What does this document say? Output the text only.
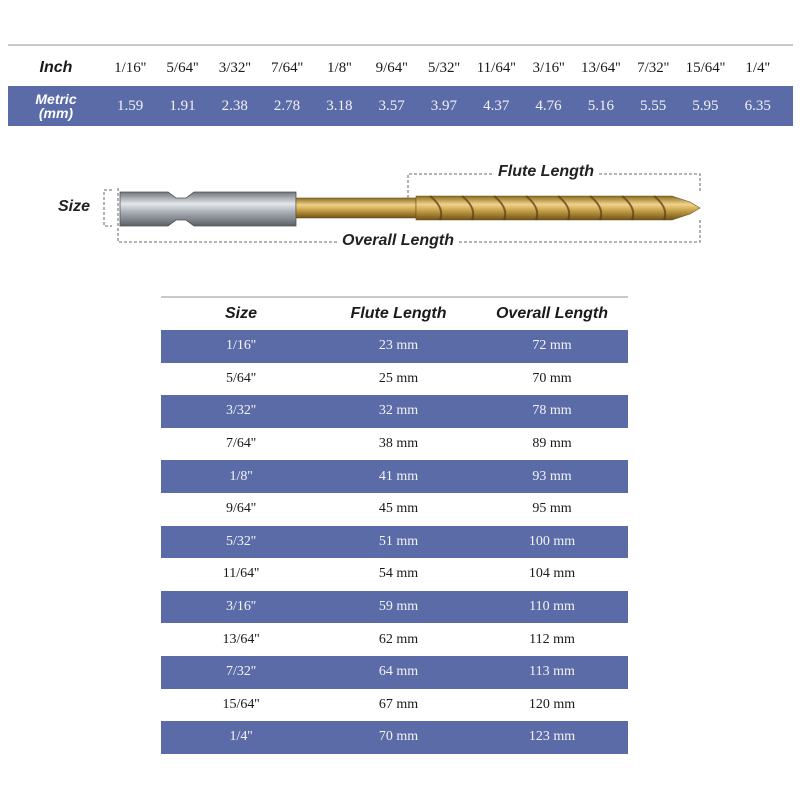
Inch	1/16''	5/64''	3/32''	7/64''	1/8''	9/64''	5/32''	11/64''	3/16''	13/64''	7/32''	15/64''	1/4''
Metric
(mm)	1.59	1.91	2.38	2.78	3.18	3.57	3.97	4.37	4.76	5.16	5.55	5.95	6.35
Size
Flute Length
Overall Length
Size	Flute Length	Overall Length
1/16''	23 mm	72 mm
5/64''	25 mm	70 mm
3/32''	32 mm	78 mm
7/64''	38 mm	89 mm
1/8''	41 mm	93 mm
9/64''	45 mm	95 mm
5/32''	51 mm	100 mm
11/64''	54 mm	104 mm
3/16''	59 mm	110 mm
13/64''	62 mm	112 mm
7/32''	64 mm	113 mm
15/64''	67 mm	120 mm
1/4''	70 mm	123 mm
